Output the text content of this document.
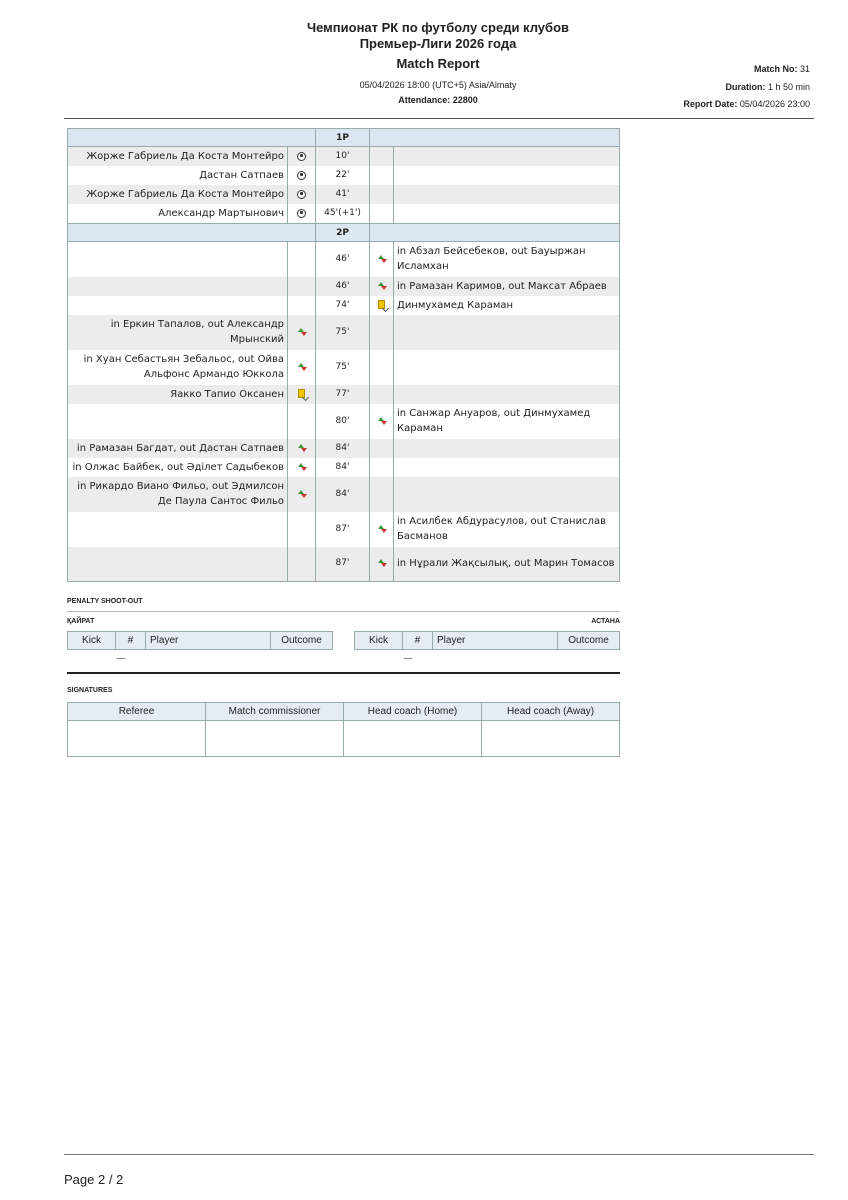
Чемпионат РК по футболу среди клубов
Премьер-Лиги 2026 года
Match Report
05/04/2026 18:00 (UTC+5) Asia/Almaty
Attendance: 22800
Match No: 31
Duration: 1 h 50 min
Report Date: 05/04/2026 23:00
		1P		
Жорже Габриель Да Коста Монтейро		10'		
Дастан Сатпаев		22'		
Жорже Габриель Да Коста Монтейро		41'		
Александр Мартынович		45'(+1')		
		2P		
		46'		in Абзал Бейсебеков, out Бауыржан Исламхан
		46'		in Рамазан Каримов, out Максат Абраев
		74'		Динмухамед Караман
in Еркин Тапалов, out Александр Мрынский		75'		
in Хуан Себастьян Зебальос, out Ойва Альфонс Армандо Юккола		75'		
Яакко Тапио Оксанен		77'		
		80'		in Санжар Ануаров, out Динмухамед Караман
in Рамазан Багдат, out Дастан Сатпаев		84'		
in Олжас Байбек, out Әділет Садыбеков		84'		
in Рикардо Виано Фильо, out Эдмилсон Де Паула Сантос Фильо		84'		
		87'		in Асилбек Абдурасулов, out Станислав Басманов
		87'		in Нұрали Жақсылық, out Марин Томасов
PENALTY SHOOT-OUT
ҚАЙРАТ	АСТАНА
Kick	#	Player	Outcome
—
Kick	#	Player	Outcome
—
SIGNATURES
Referee	Match commissioner	Head coach (Home)	Head coach (Away)

Page 2 / 2
